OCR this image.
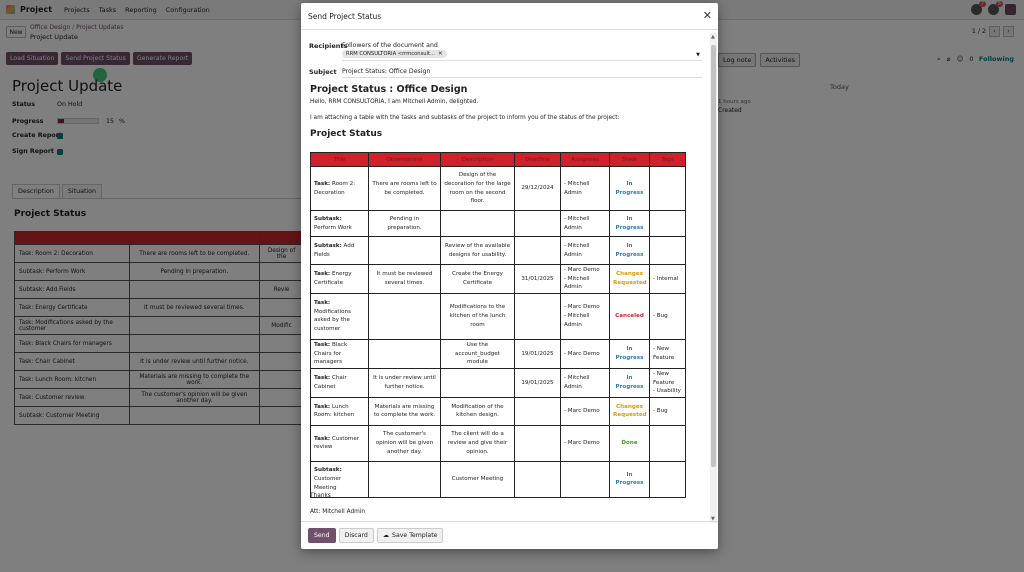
Send Project Status	✕
Recipients
Followers of the document and
RRM CONSULTORIA <rrmconsult... ✕	▼
Subject Project Status: Office Design
Project Status : Office Design
Hello, RRM CONSULTORIA, I am Mitchell Admin, delighted.
I am attaching a table with the tasks and subtasks of the project to inform you of the status of the project:
Project Status
Title	Observations	Description	Deadline	Assignees	State	Tags
Task: Room 2: Decoration	There are rooms left to be completed.	Design of the decoration for the large room on the second floor.	29/12/2024	- Mitchell Admin	In Progress	
Subtask: Perform Work	Pending in preparation.			- Mitchell Admin	In Progress	
Subtask: Add Fields		Review of the available designs for usability.		- Mitchell Admin	In Progress	
Task: Energy Certificate	It must be reviewed several times.	Create the Energy Certificate	31/01/2025	- Marc Demo
- Mitchell Admin	Changes Requested	- Internal
Task: Modifications asked by the customer		Modifications to the kitchen of the lunch room		- Marc Demo
- Mitchell Admin	Canceled	- Bug
Task: Black Chairs for managers		Use the account_budget module	19/01/2025	- Marc Demo	In Progress	- New Feature
Task: Chair Cabinet	It is under review until further notice.		19/01/2025	- Mitchell Admin	In Progress	- New Feature
- Usability
Task: Lunch Room: kitchen	Materials are missing to complete the work.	Modification of the kitchen design.		- Marc Demo	Changes Requested	- Bug
Task: Customer review	The customer's opinion will be given another day.	The client will do a review and give their opinion.		- Marc Demo	Done	
Subtask: Customer Meeting		Customer Meeting			In Progress	
Thanks
Att: Mitchell Admin
▲
▼
Send	Discard	☁ Save Template
